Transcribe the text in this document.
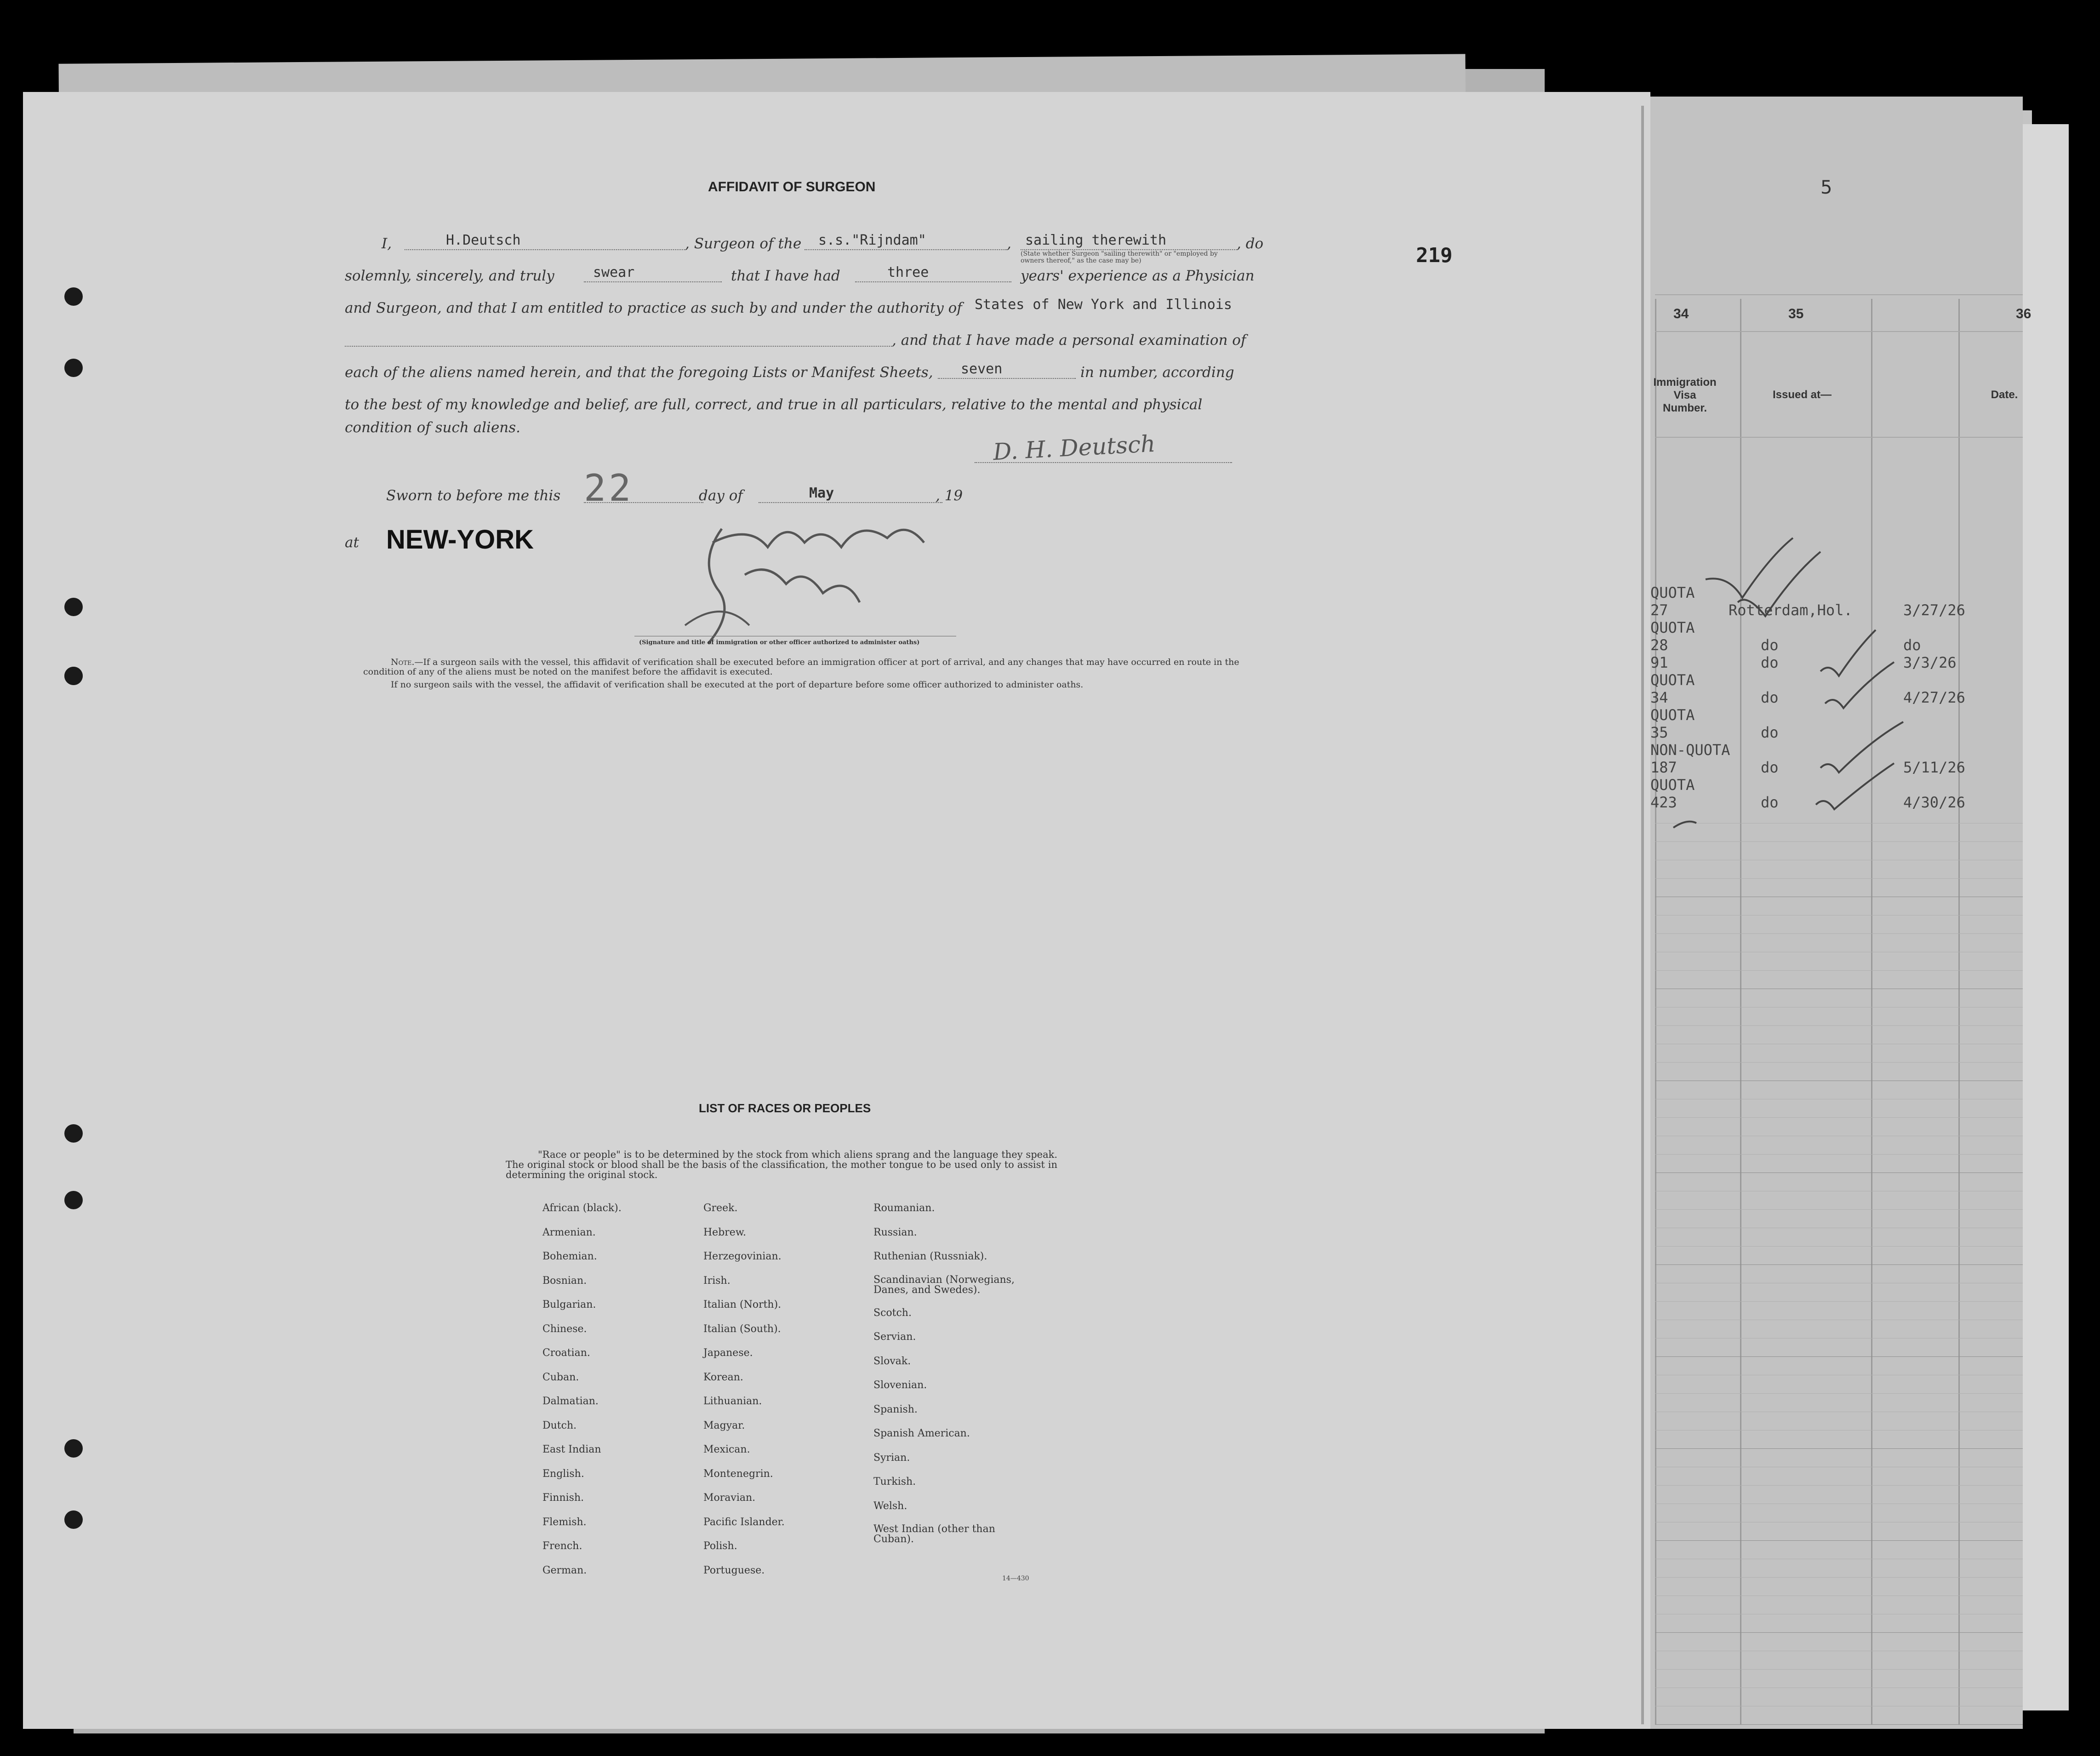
5
34	35	36
Immigration
Visa
Number.
Issued at—	Date.
QUOTA
27	Rotterdam,Hol.	3/27/26
QUOTA
28	do	do
91	do	3/3/26
QUOTA
34	do	4/27/26
QUOTA
35	do
NON-QUOTA
187	do	5/11/26
QUOTA
423	do	4/30/26
219
AFFIDAVIT OF SURGEON
I,	H.Deutsch	, Surgeon of the s.s."Rijndam"	, sailing therewith	, do
(State whether Surgeon "sailing therewith" or "employed by owners thereof," as the case may be)
solemnly, sincerely, and truly	swear	that I have had	three	years' experience as a Physician
and Surgeon, and that I am entitled to practice as such by and under the authority of States of New York and Illinois
, and that I have made a personal examination of
each of the aliens named herein, and that the foregoing Lists or Manifest Sheets, seven	in number, according
to the best of my knowledge and belief, are full, correct, and true in all particulars, relative to the mental and physical
condition of such aliens.
D. H. Deutsch
Sworn to before me this 22	day of	May	, 19
at NEW-YORK
(Signature and title of immigration or other officer authorized to administer oaths)
Note.—If a surgeon sails with the vessel, this affidavit of verification shall be executed before an immigration officer at port of arrival, and any changes that may have occurred en route in the condition of any of the aliens must be noted on the manifest before the affidavit is executed.
If no surgeon sails with the vessel, the affidavit of verification shall be executed at the port of departure before some officer authorized to administer oaths.
LIST OF RACES OR PEOPLES
"Race or people" is to be determined by the stock from which aliens sprang and the language they speak. The original stock or blood shall be the basis of the classification, the mother tongue to be used only to assist in determining the original stock.
14—430
African (black).
Armenian.
Bohemian.
Bosnian.
Bulgarian.
Chinese.
Croatian.
Cuban.
Dalmatian.
Dutch.
East Indian
English.
Finnish.
Flemish.
French.
German.
Greek.
Hebrew.
Herzegovinian.
Irish.
Italian (North).
Italian (South).
Japanese.
Korean.
Lithuanian.
Magyar.
Mexican.
Montenegrin.
Moravian.
Pacific Islander.
Polish.
Portuguese.
Roumanian.
Russian.
Ruthenian (Russniak).
Scandinavian (Norwegians, Danes, and Swedes).
Scotch.
Servian.
Slovak.
Slovenian.
Spanish.
Spanish American.
Syrian.
Turkish.
Welsh.
West Indian (other than Cuban).
